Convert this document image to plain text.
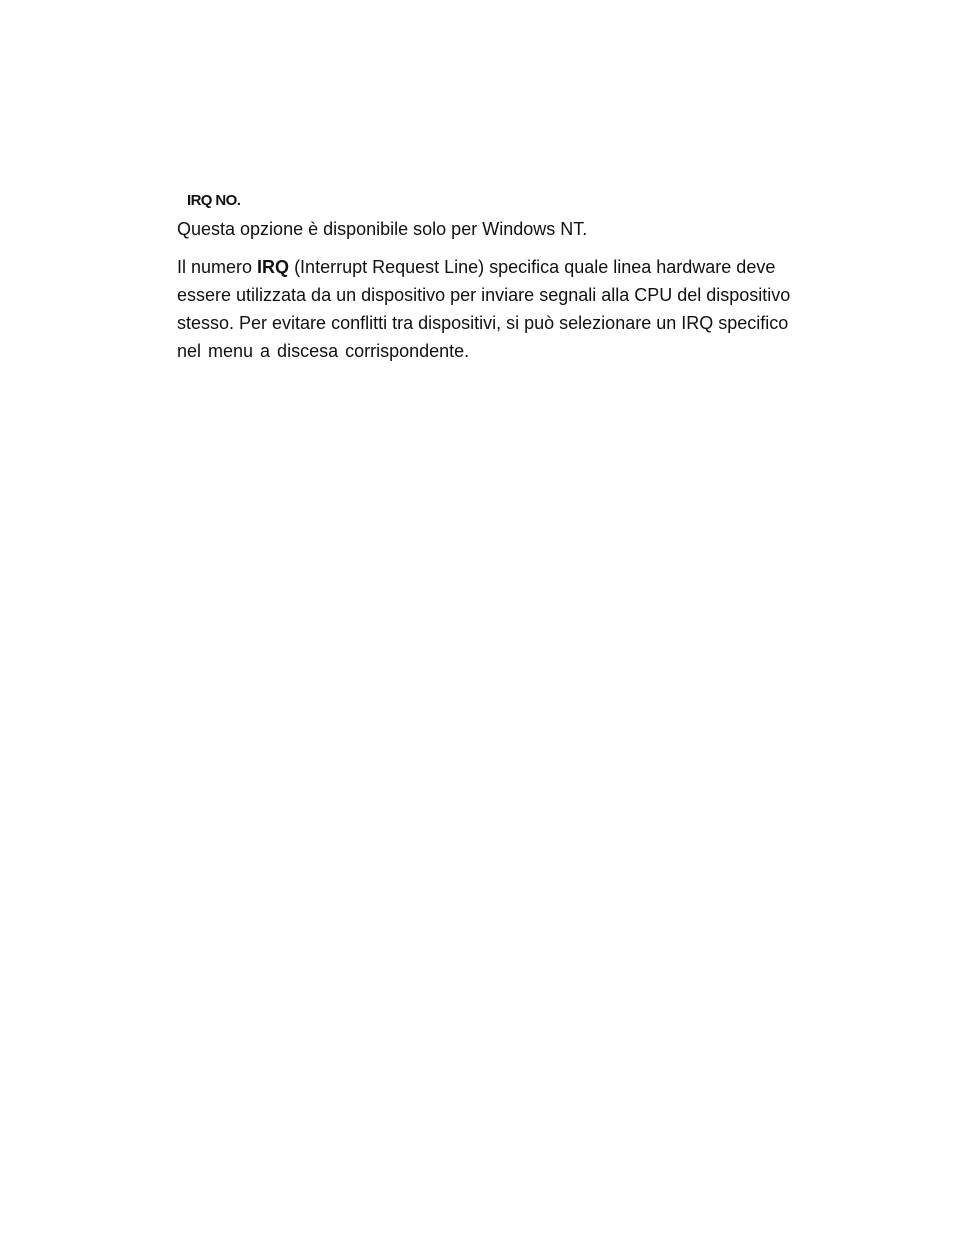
IRQ NO.

Questa opzione è disponibile solo per Windows NT.

Il numero IRQ (Interrupt Request Line) specifica quale linea hardware deve
essere utilizzata da un dispositivo per inviare segnali alla CPU del dispositivo
stesso. Per evitare conflitti tra dispositivi, si può selezionare un IRQ specifico
nel menu a discesa corrispondente.

· · ·
